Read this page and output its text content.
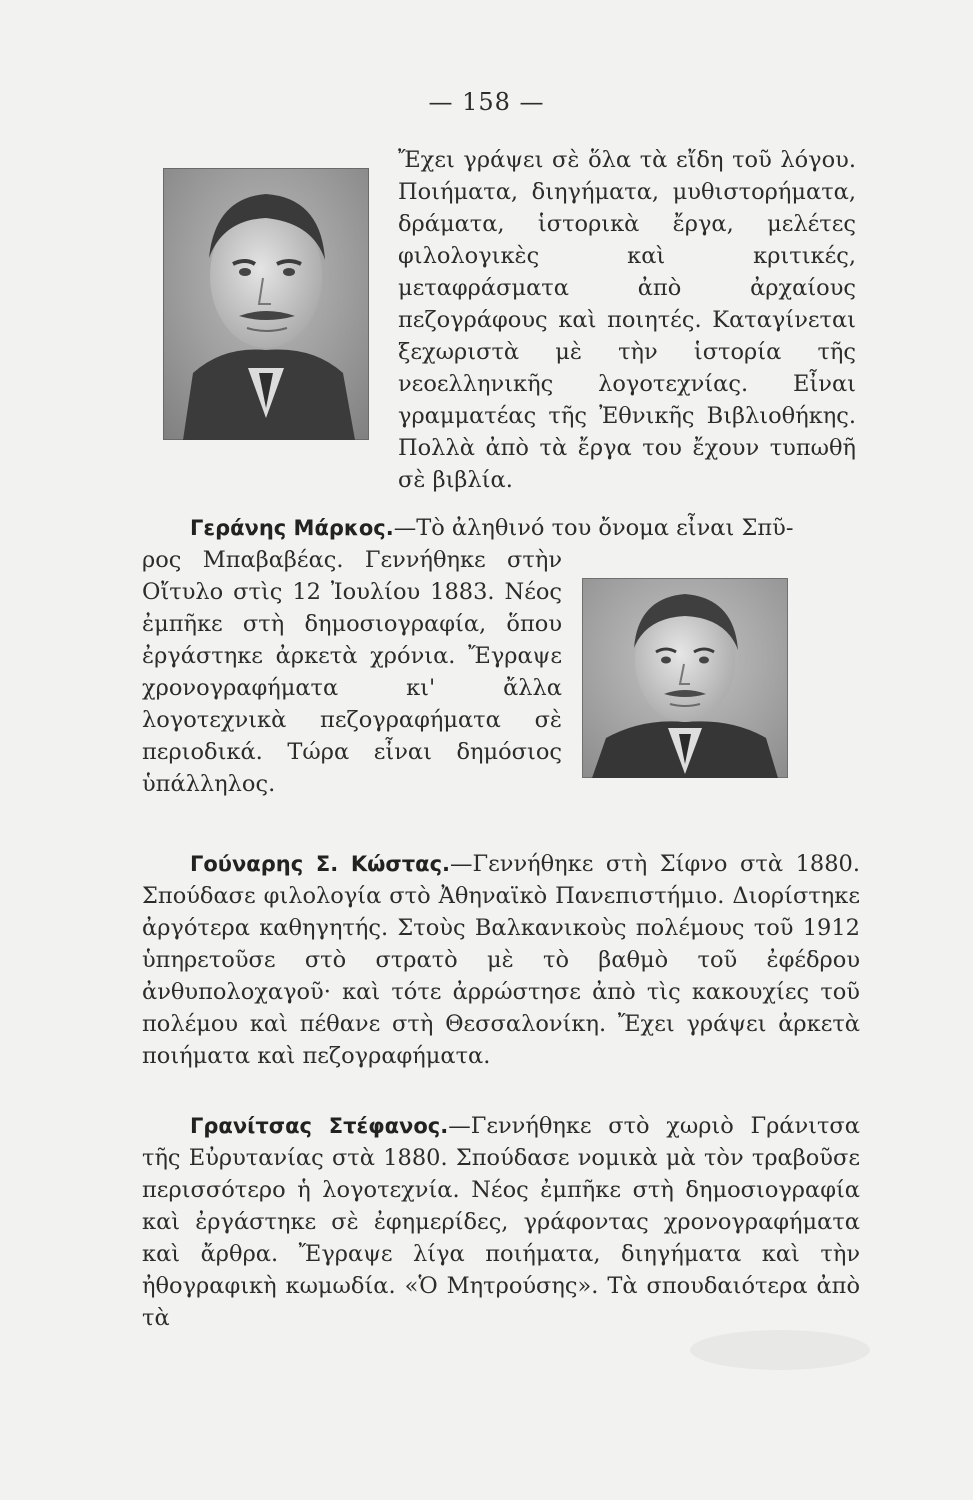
— 158 —

Ἔχει γράψει σὲ ὅλα τὰ εἴδη τοῦ λόγου. Ποιήματα, διηγήματα, μυθιστορήματα, δράματα, ἱστορικὰ ἔργα, μελέτες φιλολογικὲς καὶ κριτικές, μεταφράσματα ἀπὸ ἀρχαίους πεζογράφους καὶ ποιητές. Καταγίνεται ξεχωριστὰ μὲ τὴν ἱστορία τῆς νεοελληνικῆς λογοτεχνίας. Εἶναι γραμματέας τῆς Ἐθνικῆς Βιβλιοθήκης. Πολλὰ ἀπὸ τὰ ἔργα του ἔχουν τυπωθῆ σὲ βιβλία.

Γεράνης Μάρκος.—Τὸ ἀληθινό του ὄνομα εἶναι Σπῦ-

ρος Μπαβαβέας. Γεννήθηκε στὴν Οἴτυλο στὶς 12 Ἰουλίου 1883. Νέος ἐμπῆκε στὴ δημοσιογραφία, ὅπου ἐργάστηκε ἀρκετὰ χρόνια. Ἔγραψε χρονογραφήματα κι' ἄλλα λογοτεχνικὰ πεζογραφήματα σὲ περιοδικά. Τώρα εἶναι δημόσιος ὑπάλληλος.

Γούναρης Σ. Κώστας.—Γεννήθηκε στὴ Σίφνο στὰ 1880. Σπούδασε φιλολογία στὸ Ἀθηναϊκὸ Πανεπιστήμιο. Διορίστηκε ἀργότερα καθηγητής. Στοὺς Βαλκανικοὺς πολέμους τοῦ 1912 ὑπηρετοῦσε στὸ στρατὸ μὲ τὸ βαθμὸ τοῦ ἐφέδρου ἀνθυπολοχαγοῦ· καὶ τότε ἀρρώστησε ἀπὸ τὶς κακουχίες τοῦ πολέμου καὶ πέθανε στὴ Θεσσαλονίκη. Ἔχει γράψει ἀρκετὰ ποιήματα καὶ πεζογραφήματα.

Γρανίτσας Στέφανος.—Γεννήθηκε στὸ χωριὸ Γράνιτσα τῆς Εὐρυτανίας στὰ 1880. Σπούδασε νομικὰ μὰ τὸν τραβοῦσε περισσότερο ἡ λογοτεχνία. Νέος ἐμπῆκε στὴ δημοσιογραφία καὶ ἐργάστηκε σὲ ἐφημερίδες, γράφοντας χρονογραφήματα καὶ ἄρθρα. Ἔγραψε λίγα ποιήματα, διηγήματα καὶ τὴν ἠθογραφικὴ κωμωδία. «Ὁ Μητρούσης». Τὰ σπουδαιότερα ἀπὸ τὰ
